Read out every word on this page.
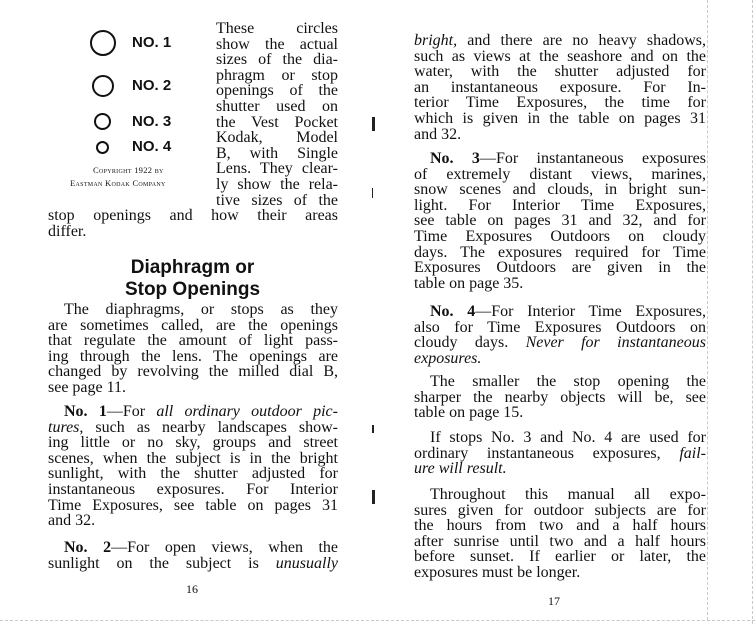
NO. 1
NO. 2
NO. 3
NO. 4
Copyright 1922 by
Eastman Kodak Company
These circles
show the actual
sizes of the dia-
phragm or stop
openings of the
shutter used on
the Vest Pocket
Kodak, Model
B, with Single
Lens. They clear-
ly show the rela-
tive sizes of the
stop openings and how their areas
differ.
Diaphragm or
Stop Openings
The diaphragms, or stops as they
are sometimes called, are the openings
that regulate the amount of light pass-
ing through the lens. The openings are
changed by revolving the milled dial B,
see page 11.
No. 1—For all ordinary outdoor pic-
tures, such as nearby landscapes show-
ing little or no sky, groups and street
scenes, when the subject is in the bright
sunlight, with the shutter adjusted for
instantaneous exposures. For Interior
Time Exposures, see table on pages 31
and 32.
No. 2—For open views, when the
sunlight on the subject is unusually
16
bright, and there are no heavy shadows,
such as views at the seashore and on the
water, with the shutter adjusted for
an instantaneous exposure. For In-
terior Time Exposures, the time for
which is given in the table on pages 31
and 32.
No. 3—For instantaneous exposures
of extremely distant views, marines,
snow scenes and clouds, in bright sun-
light. For Interior Time Exposures,
see table on pages 31 and 32, and for
Time Exposures Outdoors on cloudy
days. The exposures required for Time
Exposures Outdoors are given in the
table on page 35.
No. 4—For Interior Time Exposures,
also for Time Exposures Outdoors on
cloudy days. Never for instantaneous
exposures.
The smaller the stop opening the
sharper the nearby objects will be, see
table on page 15.
If stops No. 3 and No. 4 are used for
ordinary instantaneous exposures, fail-
ure will result.
Throughout this manual all expo-
sures given for outdoor subjects are for
the hours from two and a half hours
after sunrise until two and a half hours
before sunset. If earlier or later, the
exposures must be longer.
17
